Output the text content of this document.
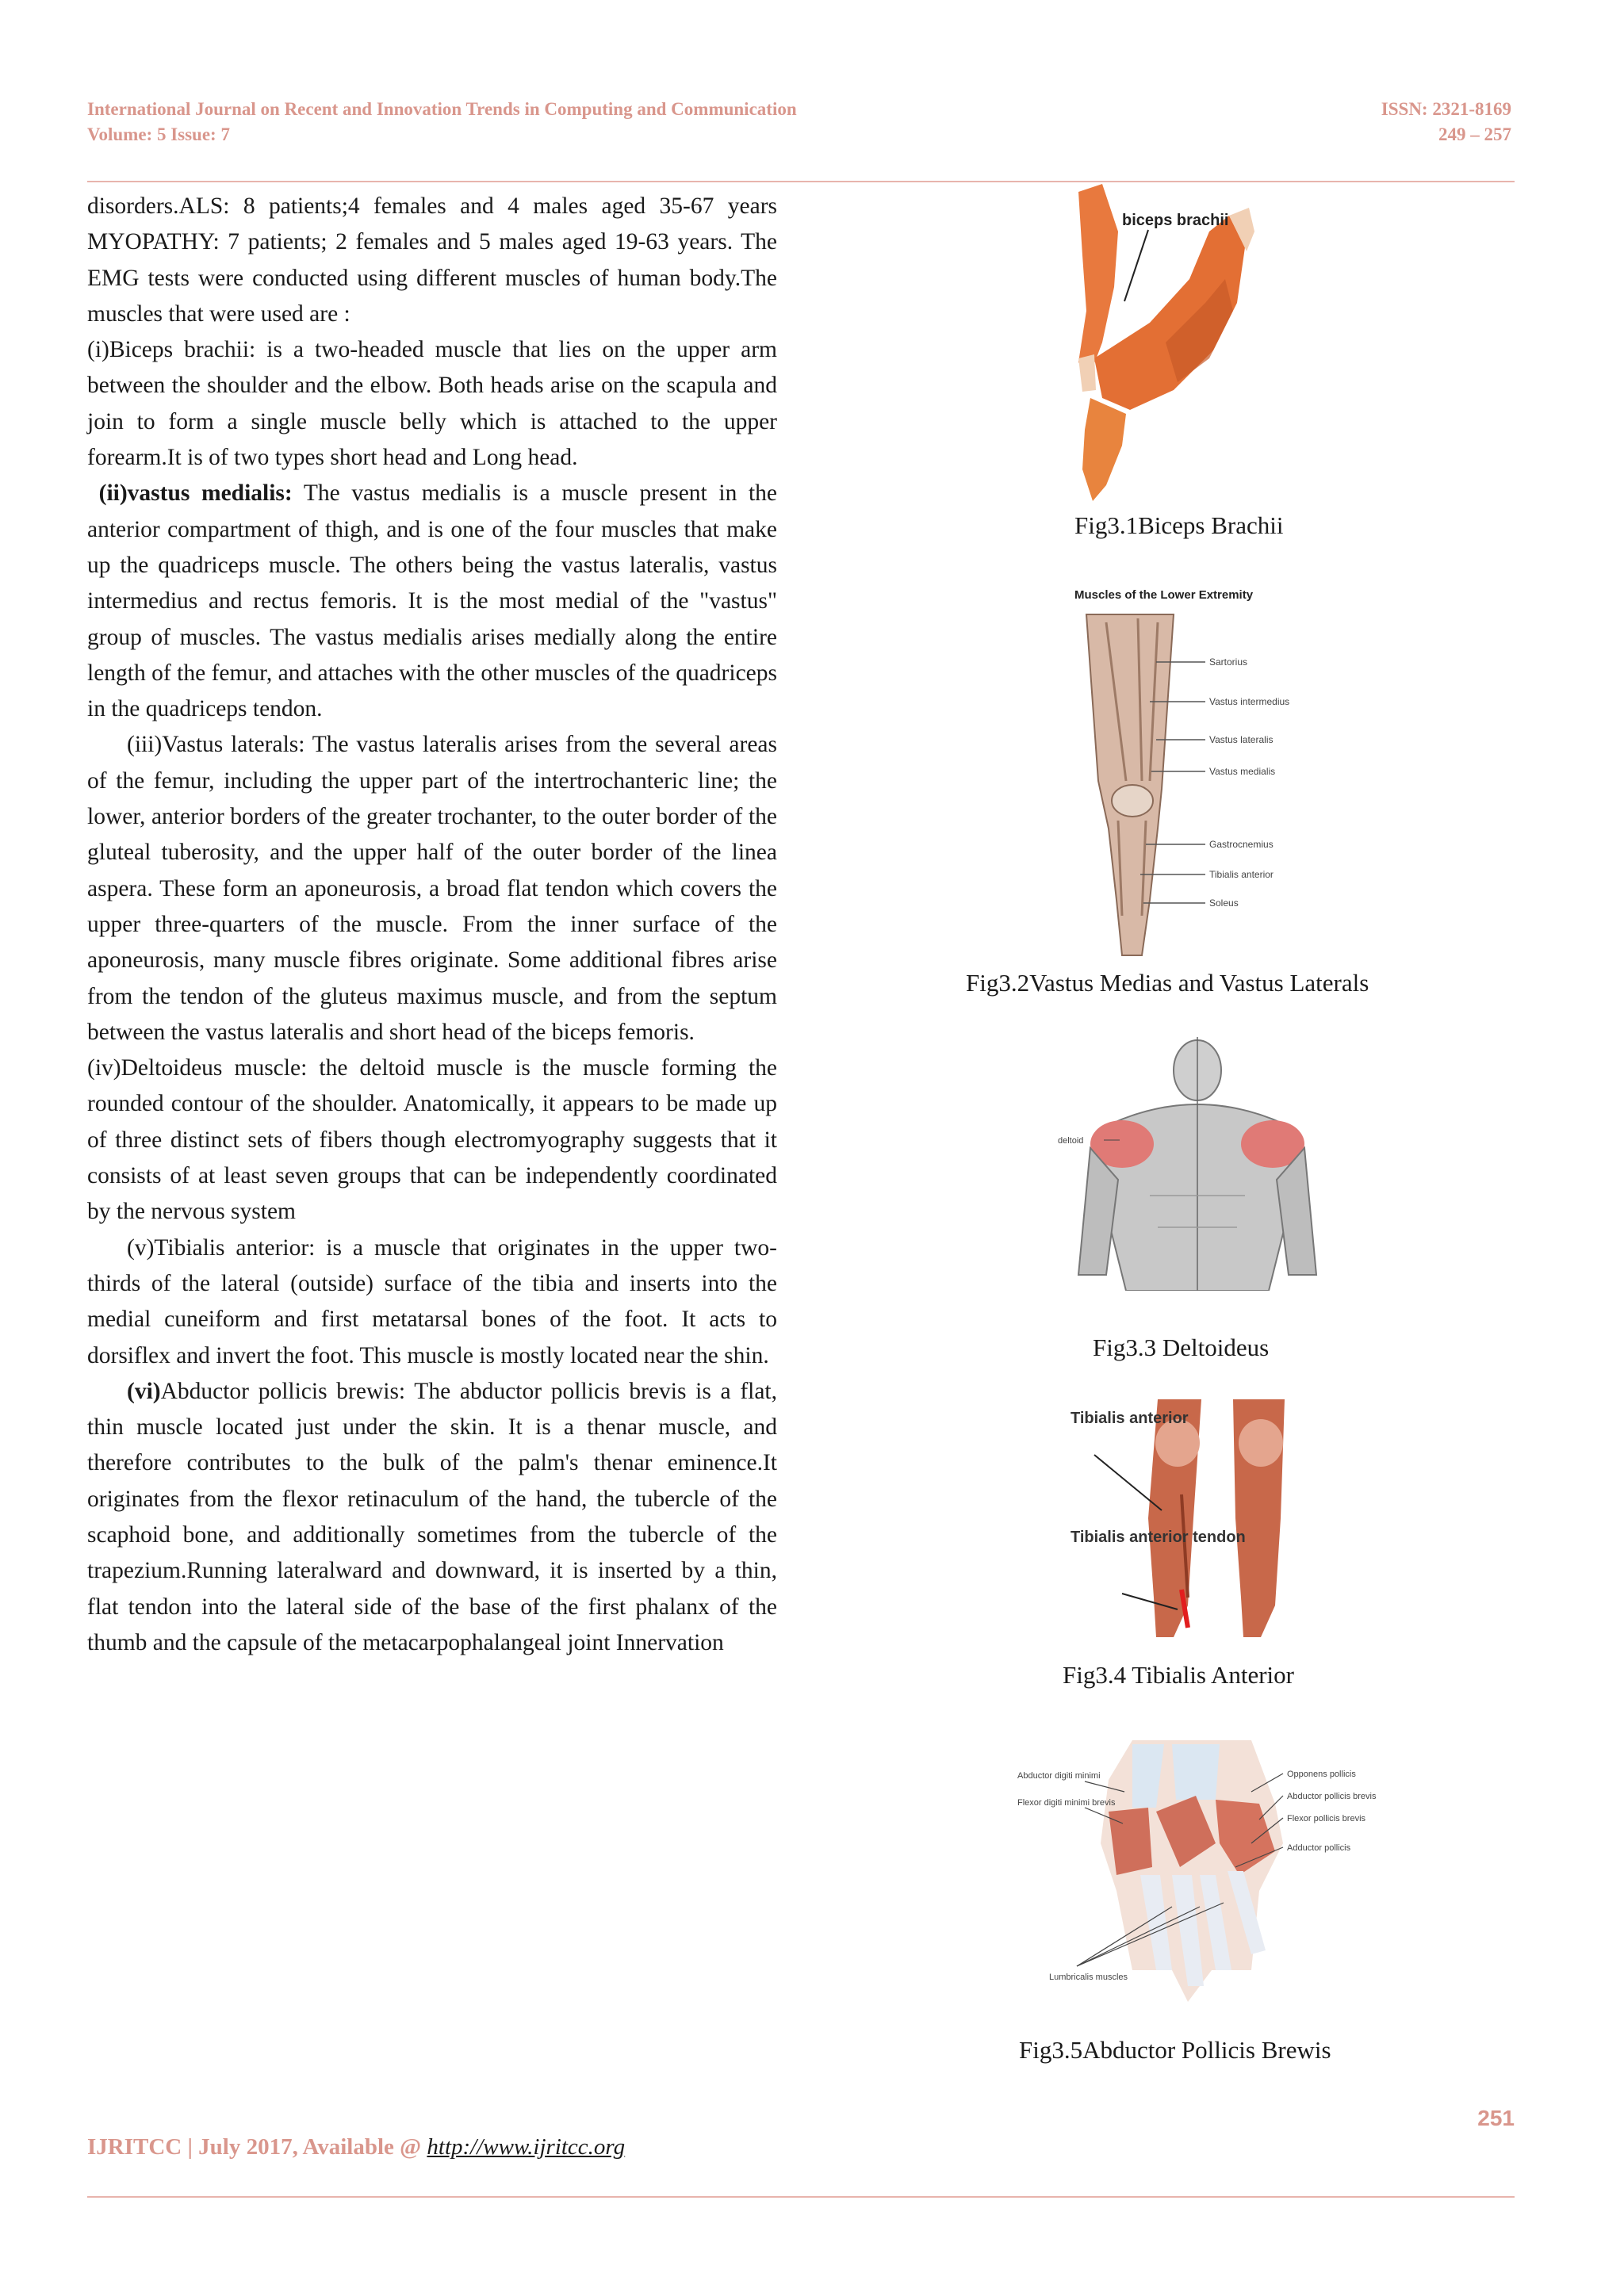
International Journal on Recent and Innovation Trends in Computing and Communication
Volume: 5 Issue: 7
ISSN: 2321-8169
249 – 257

disorders.ALS: 8 patients;4 females and 4 males aged 35-67 years MYOPATHY: 7 patients; 2 females and 5 males aged 19-63 years. The EMG tests were conducted using different muscles of human body.The muscles that were used are :

(i)Biceps brachii: is a two-headed muscle that lies on the upper arm between the shoulder and the elbow. Both heads arise on the scapula and join to form a single muscle belly which is attached to the upper forearm.It is of two types short head and Long head.

(ii)vastus medialis: The vastus medialis is a muscle present in the anterior compartment of thigh, and is one of the four muscles that make up the quadriceps muscle. The others being the vastus lateralis, vastus intermedius and rectus femoris. It is the most medial of the "vastus" group of muscles. The vastus medialis arises medially along the entire length of the femur, and attaches with the other muscles of the quadriceps in the quadriceps tendon.

(iii)Vastus laterals: The vastus lateralis arises from the several areas of the femur, including the upper part of the intertrochanteric line; the lower, anterior borders of the greater trochanter, to the outer border of the gluteal tuberosity, and the upper half of the outer border of the linea aspera. These form an aponeurosis, a broad flat tendon which covers the upper three-quarters of the muscle. From the inner surface of the aponeurosis, many muscle fibres originate. Some additional fibres arise from the tendon of the gluteus maximus muscle, and from the septum between the vastus lateralis and short head of the biceps femoris.

(iv)Deltoideus muscle: the deltoid muscle is the muscle forming the rounded contour of the shoulder. Anatomically, it appears to be made up of three distinct sets of fibers though electromyography suggests that it consists of at least seven groups that can be independently coordinated by the nervous system

(v)Tibialis anterior: is a muscle that originates in the upper two-thirds of the lateral (outside) surface of the tibia and inserts into the medial cuneiform and first metatarsal bones of the foot. It acts to dorsiflex and invert the foot. This muscle is mostly located near the shin.

(vi)Abductor pollicis brewis: The abductor pollicis brevis is a flat, thin muscle located just under the skin. It is a thenar muscle, and therefore contributes to the bulk of the palm's thenar eminence.It originates from the flexor retinaculum of the hand, the tubercle of the scaphoid bone, and additionally sometimes from the tubercle of the trapezium.Running lateralward and downward, it is inserted by a thin, flat tendon into the lateral side of the base of the first phalanx of the thumb and the capsule of the metacarpophalangeal joint Innervation

biceps brachii
Fig3.1Biceps Brachii
Muscles of the Lower Extremity
Sartorius
Vastus intermedius
Vastus lateralis
Vastus medialis
Gastrocnemius
Tibialis anterior
Soleus
Fig3.2Vastus Medias and Vastus Laterals
deltoid
Fig3.3 Deltoideus
Tibialis anterior
Tibialis anterior tendon
Fig3.4 Tibialis Anterior
Abductor digiti minimi
Flexor digiti minimi brevis
Lumbricalis muscles
Opponens pollicis
Abductor pollicis brevis
Flexor pollicis brevis
Adductor pollicis
Fig3.5Abductor Pollicis Brewis
251
IJRITCC | July 2017, Available @ http://www.ijritcc.org
